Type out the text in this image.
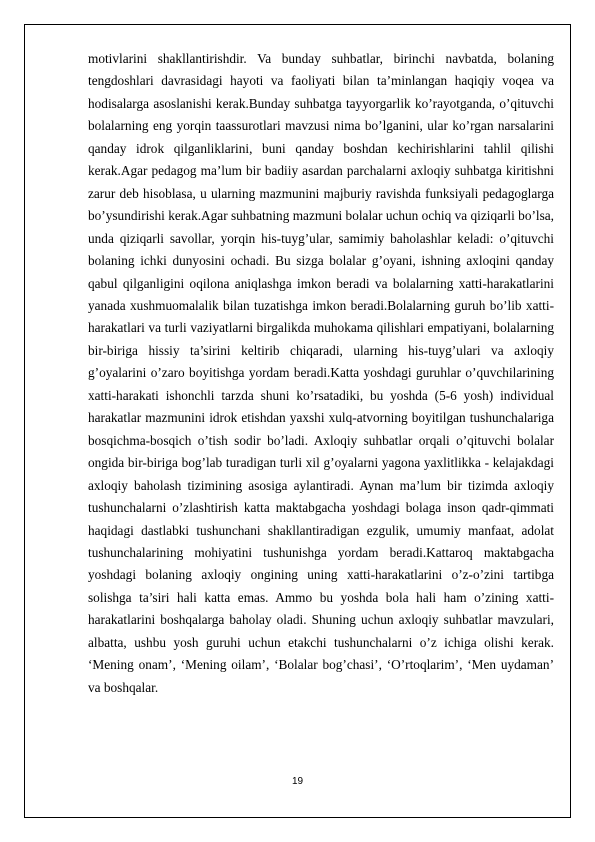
motivlarini shakllantirishdir. Va bunday suhbatlar, birinchi navbatda, bolaning tengdoshlari davrasidagi hayoti va faoliyati bilan ta’minlangan haqiqiy voqea va hodisalarga asoslanishi kerak.Bunday suhbatga tayyorgarlik ko’rayotganda, o’qituvchi bolalarning eng yorqin taassurotlari mavzusi nima bo’lganini, ular ko’rgan narsalarini qanday idrok qilganliklarini, buni qanday boshdan kechirishlarini tahlil qilishi kerak.Agar pedagog ma’lum bir badiiy asardan parchalarni axloqiy suhbatga kiritishni zarur deb hisoblasa, u ularning mazmunini majburiy ravishda funksiyali pedagoglarga bo’ysundirishi kerak.Agar suhbatning mazmuni bolalar uchun ochiq va qiziqarli bo’lsa, unda qiziqarli savollar, yorqin his-tuyg’ular, samimiy baholashlar keladi: o’qituvchi bolaning ichki dunyosini ochadi. Bu sizga bolalar g’oyani, ishning axloqini qanday qabul qilganligini oqilona aniqlashga imkon beradi va bolalarning xatti-harakatlarini yanada xushmuomalalik bilan tuzatishga imkon beradi.Bolalarning guruh bo’lib xatti-harakatlari va turli vaziyatlarni birgalikda muhokama qilishlari empatiyani, bolalarning bir-biriga hissiy ta’sirini keltirib chiqaradi, ularning his-tuyg’ulari va axloqiy g’oyalarini o’zaro boyitishga yordam beradi.Katta yoshdagi guruhlar o’quvchilarining xatti-harakati ishonchli tarzda shuni ko’rsatadiki, bu yoshda (5-6 yosh) individual harakatlar mazmunini idrok etishdan yaxshi xulq-atvorning boyitilgan tushunchalariga bosqichma-bosqich o’tish sodir bo’ladi. Axloqiy suhbatlar orqali o’qituvchi bolalar ongida bir-biriga bog’lab turadigan turli xil g’oyalarni yagona yaxlitlikka - kelajakdagi axloqiy baholash tizimining asosiga aylantiradi. Aynan ma’lum bir tizimda axloqiy tushunchalarni o’zlashtirish katta maktabgacha yoshdagi bolaga inson qadr-qimmati haqidagi dastlabki tushunchani shakllantiradigan ezgulik, umumiy manfaat, adolat tushunchalarining mohiyatini tushunishga yordam beradi.Kattaroq maktabgacha yoshdagi bolaning axloqiy ongining uning xatti-harakatlarini o’z-o’zini tartibga solishga ta’siri hali katta emas. Ammo bu yoshda bola hali ham o’zining xatti-harakatlarini boshqalarga baholay oladi. Shuning uchun axloqiy suhbatlar mavzulari, albatta, ushbu yosh guruhi uchun etakchi tushunchalarni o’z ichiga olishi kerak. ‘Mening onam’, ‘Mening oilam’, ‘Bolalar bog’chasi’, ‘O’rtoqlarim’, ‘Men uydaman’ va boshqalar.

19
